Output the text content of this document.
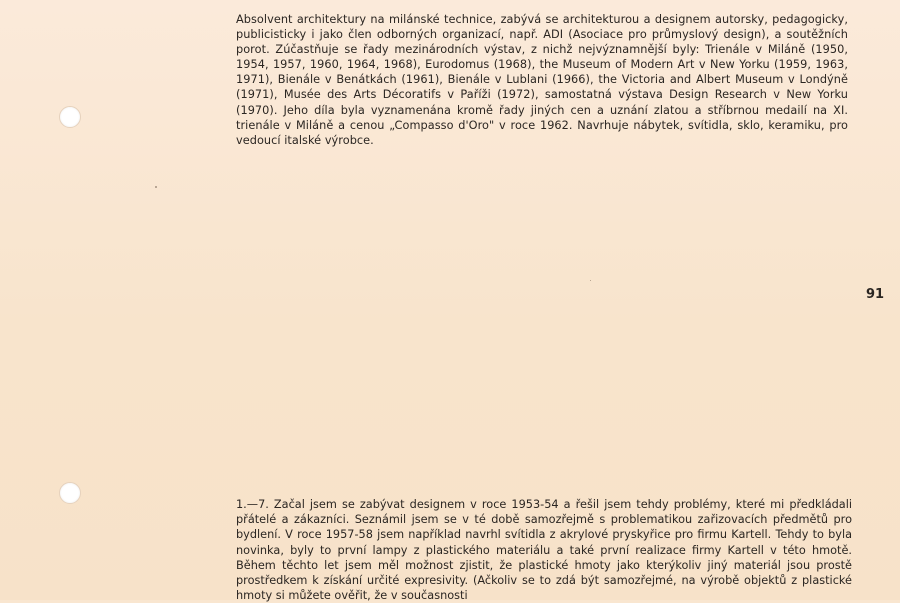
Absolvent architektury na milánské technice, zabývá se architekturou a designem autorsky, pedagogicky, publicisticky i jako člen odborných organizací, např. ADI (Asociace pro průmyslový design), a soutěžních porot. Zúčastňuje se řady mezinárodních výstav, z nichž nejvýznamnější byly: Trienále v Miláně (1950, 1954, 1957, 1960, 1964, 1968), Eurodomus (1968), the Museum of Modern Art v New Yorku (1959, 1963, 1971), Bienále v Benátkách (1961), Bienále v Lublani (1966), the Victoria and Albert Museum v Londýně (1971), Musée des Arts Décoratifs v Paříži (1972), samostatná výstava Design Research v New Yorku (1970). Jeho díla byla vyznamenána kromě řady jiných cen a uznání zlatou a stříbrnou medailí na XI. trienále v Miláně a cenou „Compasso d'Oro" v roce 1962. Navrhuje nábytek, svítidla, sklo, keramiku, pro vedoucí italské výrobce.

91

1.—7. Začal jsem se zabývat designem v roce 1953-54 a řešil jsem tehdy problémy, které mi předkládali přátelé a zákazníci. Seznámil jsem se v té době samozřejmě s problematikou zařizovacích předmětů pro bydlení. V roce 1957-58 jsem například navrhl svítidla z akrylové pryskyřice pro firmu Kartell. Tehdy to byla novinka, byly to první lampy z plastického materiálu a také první realizace firmy Kartell v této hmotě. Během těchto let jsem měl možnost zjistit, že plastické hmoty jako kterýkoliv jiný materiál jsou prostě prostředkem k získání určité expresivity. (Ačkoliv se to zdá být samozřejmé, na výrobě objektů z plastické hmoty si můžete ověřit, že v současnosti
